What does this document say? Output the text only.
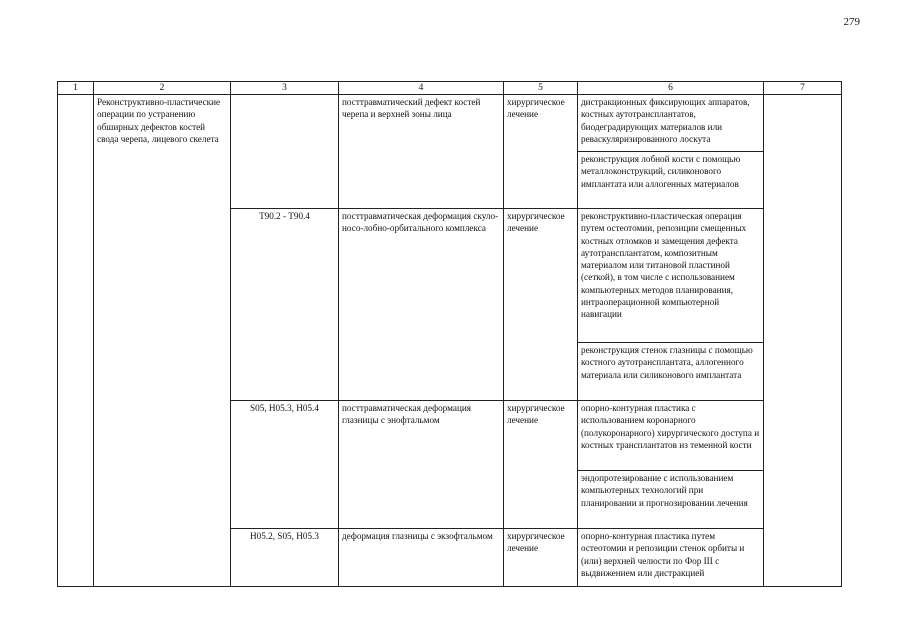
279
1	2	3	4	5	6	7
	Реконструктивно-пластические операции по устранению обширных дефектов костей свода черепа, лицевого скелета		посттравматический дефект костей черепа и верхней зоны лица	хирургическое лечение	дистракционных фиксирующих аппаратов, костных аутотрансплантатов, биодеградирующих материалов или реваскуляризированного лоскута	
					реконструкция лобной кости с помощью металлоконструкций, силиконового имплантата или аллогенных материалов	
		T90.2 - T90.4	посттравматическая деформация скуло-носо-лобно-орбитального комплекса	хирургическое лечение	реконструктивно-пластическая операция путем остеотомии, репозиции смещенных костных отломков и замещения дефекта аутотрансплантатом, композитным материалом или титановой пластиной (сеткой), в том числе с использованием компьютерных методов планирования, интраоперационной компьютерной навигации	
					реконструкция стенок глазницы с помощью костного аутотрансплантата, аллогенного материала или силиконового имплантата	
		S05, H05.3, H05.4	посттравматическая деформация глазницы с энофтальмом	хирургическое лечение	опорно-контурная пластика с использованием коронарного (полукоронарного) хирургического доступа и костных трансплантатов из теменной кости	
					эндопротезирование с использованием компьютерных технологий при планировании и прогнозировании лечения	
		H05.2, S05, H05.3	деформация глазницы с экзофтальмом	хирургическое лечение	опорно-контурная пластика путем остеотомии и репозиции стенок орбиты и (или) верхней челюсти по Фор III с выдвижением или дистракцией	
